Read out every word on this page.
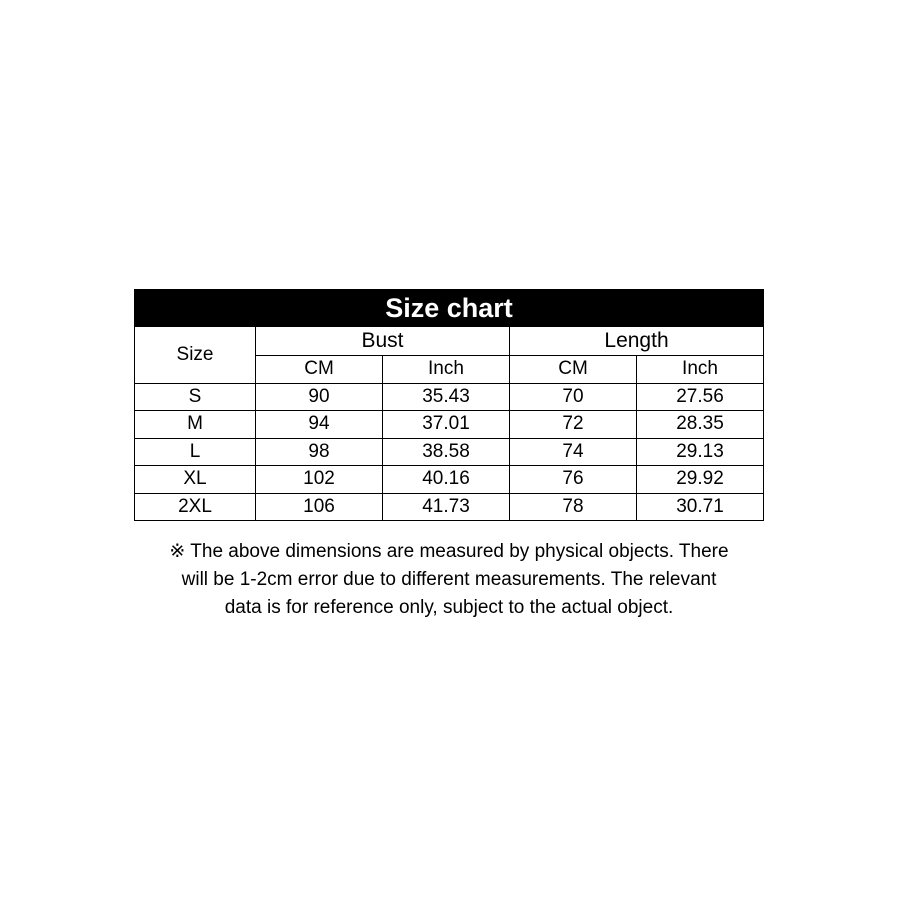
Size chart
Size	Bust		Length	
	CM	Inch	CM	Inch
S	90	35.43	70	27.56
M	94	37.01	72	28.35
L	98	38.58	74	29.13
XL	102	40.16	76	29.92
2XL	106	41.73	78	30.71
※ The above dimensions are measured by physical objects. There
will be 1-2cm error due to different measurements. The relevant
data is for reference only, subject to the actual object.
